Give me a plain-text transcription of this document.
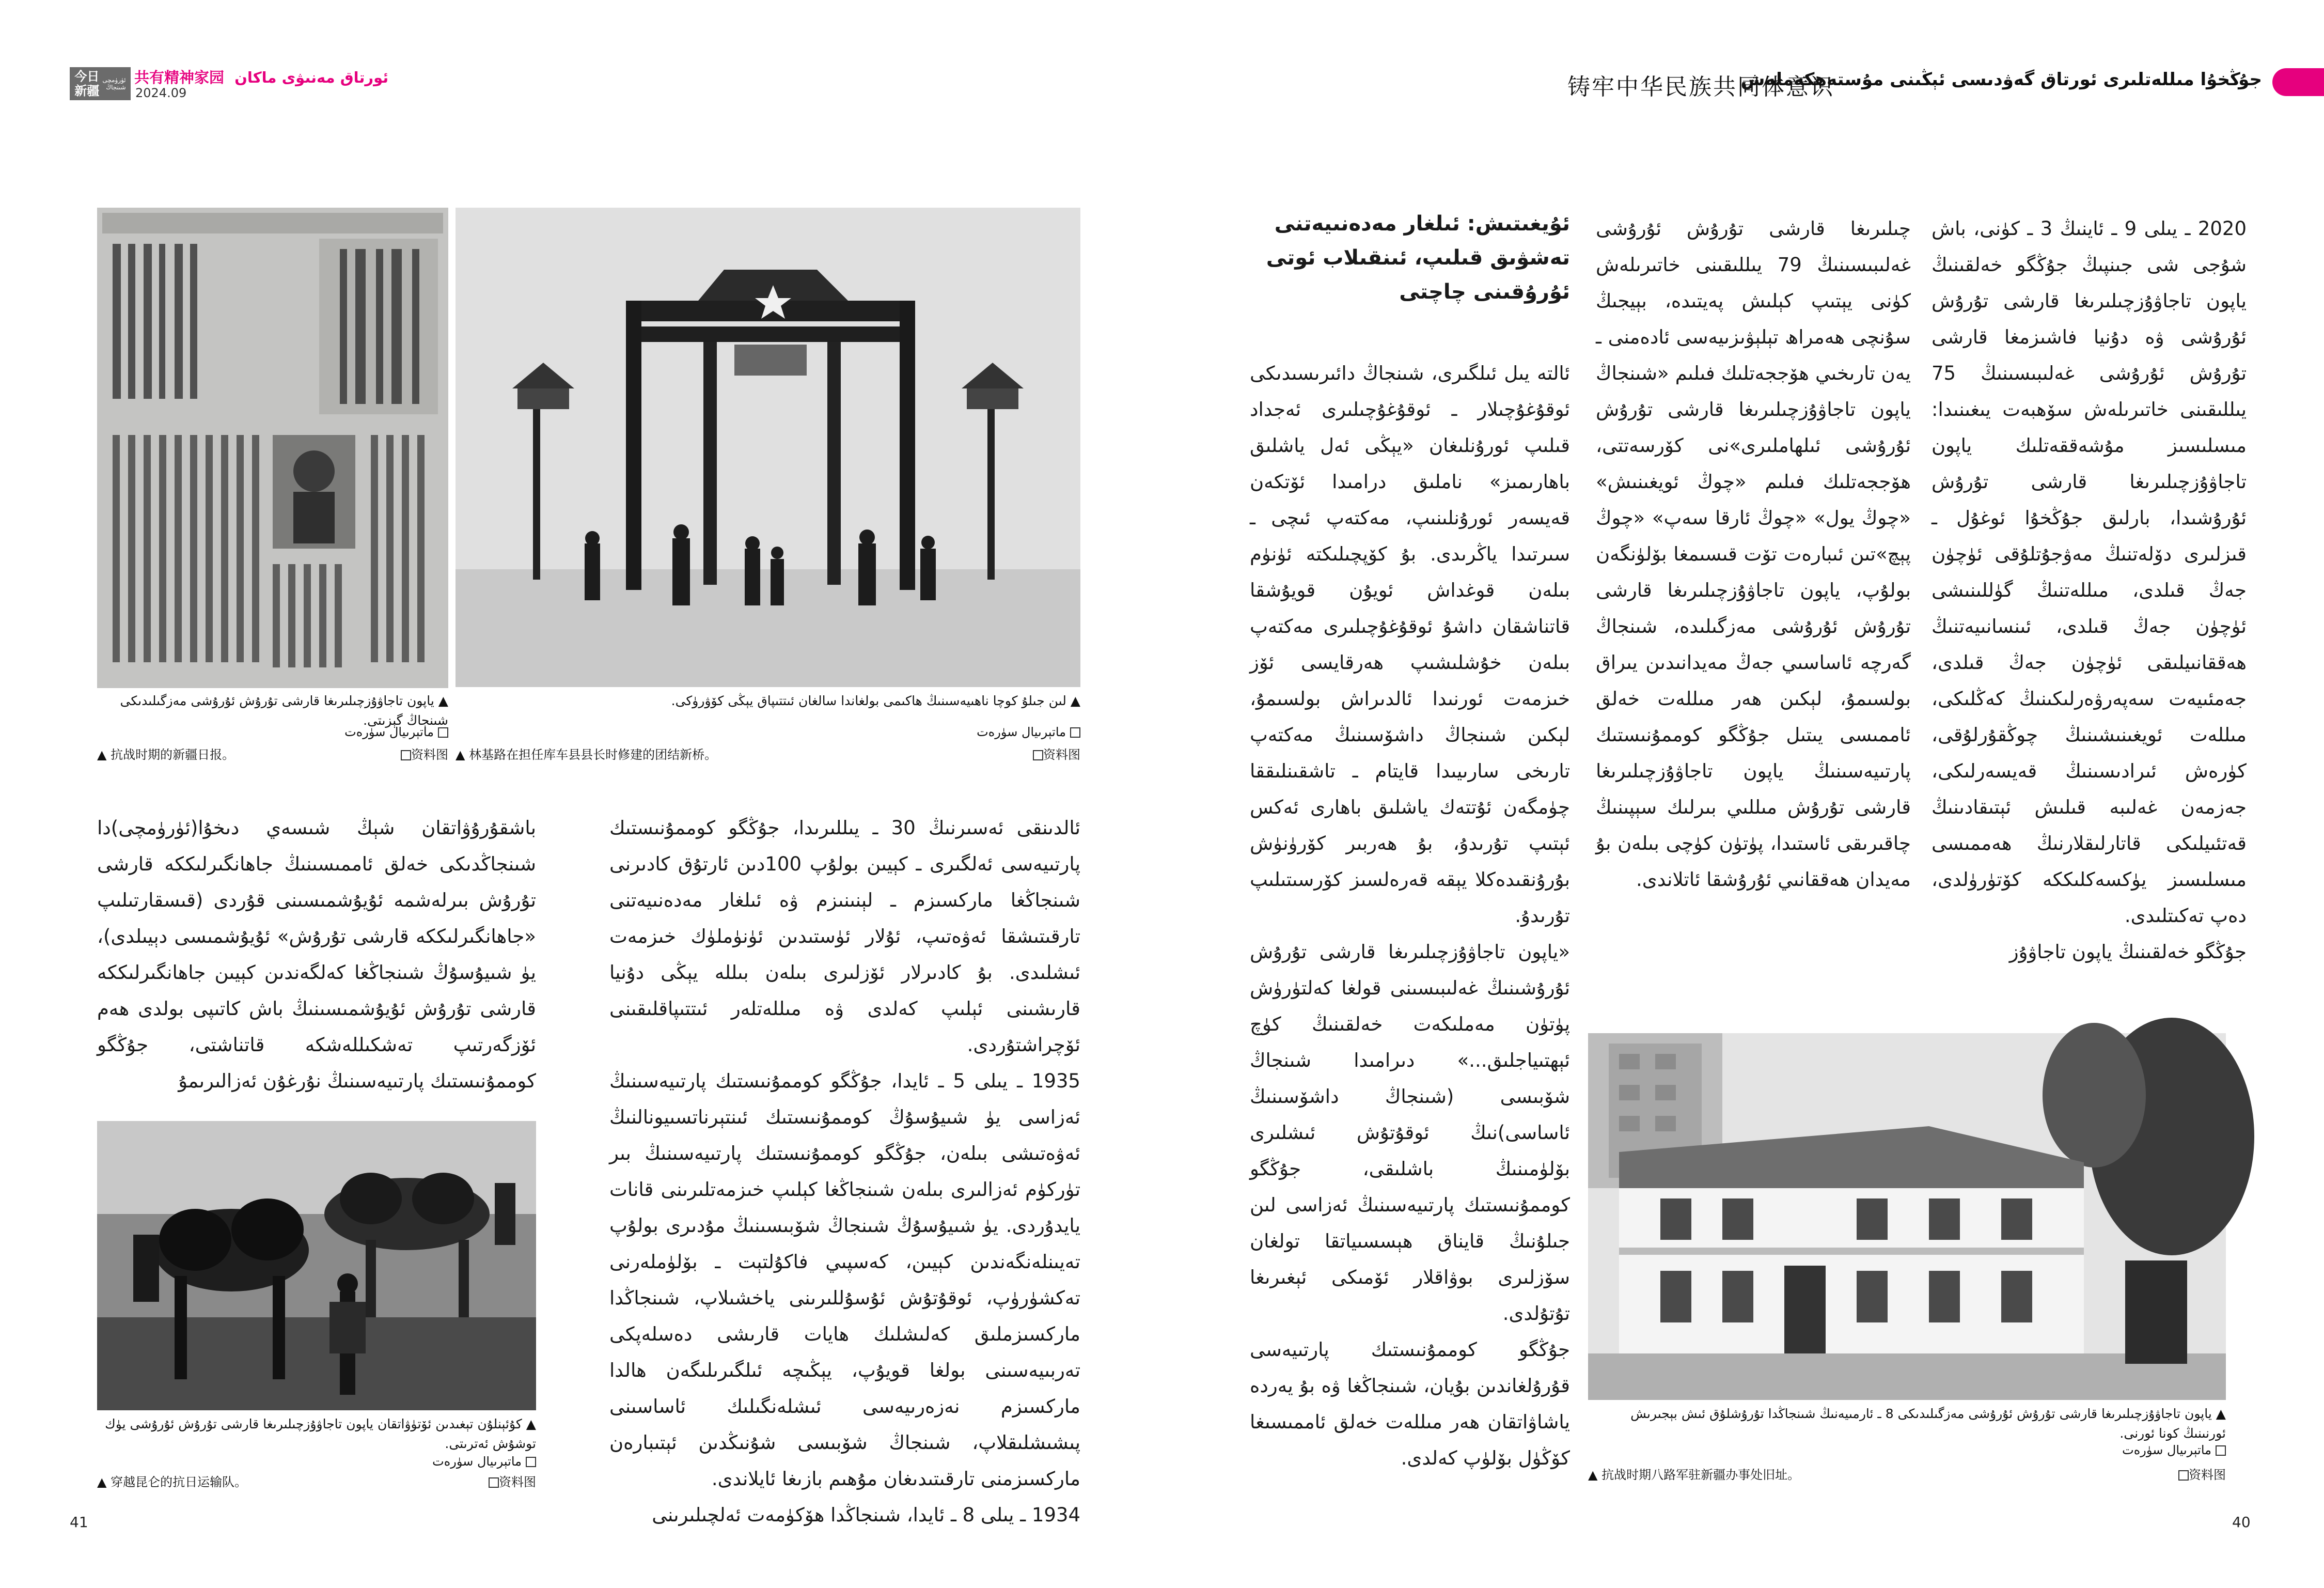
今日
新疆
ئۈرۈمچى
شىنجاڭ
共有精神家园 ئورتاق مەنىۋى ماكان
2024.09	铸牢中华民族共同体意识
جۇڭخۇا مىللەتلىرى ئورتاق گەۋدىسى ئېڭىنى مۇستەھكەملەش
▲ لىن جىلۇ كوچا ناھىيەسىنىڭ ھاكىمى بولغاندا سالغان ئىتتىپاق يېڭى كۆۋرۈكى.
▲ ياپون تاجاۋۇزچىلىرىغا قارشى تۇرۇش ئۇرۇشى مەزگىلىدىكى شىنجاڭ گېزىتى.
ماتېرىيال سۈرەت
ماتېرىيال سۈرەت
▲ 抗战时期的新疆日报。	资料图 ▲ 林基路在担任库车县县长时修建的团结新桥。	资料图
باشقۇرۇۋاتقان شېڭ شىسەي دىخۇا(ئۈرۈمچى)دا شىنجاڭدىكى خەلق ئاممىسىنىڭ جاھانگىرلىككە قارشى تۇرۇش بىرلەشمە ئۇيۇشمىسىنى قۇردى (قىسقارتىلىپ «جاھانگىرلىككە قارشى تۇرۇش» ئۇيۇشمىسى دېيىلدى)، يۈ شىيۇسۇڭ شىنجاڭغا كەلگەندىن كېيىن جاھانگىرلىككە قارشى تۇرۇش ئۇيۇشمىسىنىڭ باش كاتىپى بولدى ھەم ئۆزگەرتىپ تەشكىللەشكە قاتناشتى، جۇڭگو كوممۇنىستىك پارتىيەسىنىڭ نۇرغۇن ئەزالىرىمۇ
ئالدىنقى ئەسىرنىڭ 30 ـ يىللىرىدا، جۇڭگو كوممۇنىستىك پارتىيەسى ئەلگىرى ـ كېيىن بولۇپ 100دىن ئارتۇق كادىرنى شىنجاڭغا ماركسىزم ـ لېنىنىزم ۋە ئىلغار مەدەنىيەتنى تارقىتىشقا ئەۋەتىپ، ئۇلار ئۈستىدىن ئۈنۈملۈك خىزمەت ئىشلىدى. بۇ كادىرلار ئۆزلىرى بىلەن بىللە يېڭى دۇنيا قارىشىنى ئېلىپ كەلدى ۋە مىللەتلەر ئىتتىپاقلىقىنى ئۆچراشتۇردى.
1935 ـ يىلى 5 ـ ئايدا، جۇڭگو كوممۇنىستىك پارتىيەسىنىڭ ئەزاسى يۈ شىيۇسۇڭ كوممۇنىستىك ئىنتېرناتسىيونالنىڭ ئەۋەتىشى بىلەن، جۇڭگو كوممۇنىستىك پارتىيەسىنىڭ بىر تۈركۈم ئەزالىرى بىلەن شىنجاڭغا كېلىپ خىزمەتلىرىنى قانات يايدۇردى. يۈ شىيۇسۇڭ شىنجاڭ شۆبىسىنىڭ مۇدىرى بولۇپ تەيىنلەنگەندىن كېيىن، كەسپىي فاكۇلتېت ـ بۆلۈملەرنى تەكشۈرۈپ، ئوقۇتۇش ئۇسۇللىرىنى ياخشىلاپ، شىنجاڭدا ماركسىزملىق كەلىشلىك ھايات قارىشى دەسلەپكى تەربىيەسىنى بولغا قويۇپ، يېڭىچە ئىلگىرىلىگەن ھالدا ماركسىزم نەزەرىيەسى ئىشلەنگىلىك ئاساسىنى پىشىشلىقلاپ، شىنجاڭ شۆبىسى شۇنىڭدىن ئېتىبارەن ماركسىزمنى تارقىتىدىغان مۇھىم بازىغا ئايلاندى.
1934 ـ يىلى 8 ـ ئايدا، شىنجاڭدا ھۆكۈمەت ئەلچىلىرىنى
▲ كۇئېنلۇن تېغىدىن ئۆتۈۋاتقان ياپون تاجاۋۇزچىلىرىغا قارشى تۇرۇش ئۇرۇشى يۈك توشۇش ئەترىتى.
ماتېرىيال سۈرەت
▲ 穿越昆仑的抗日运输队。	资料图
41
ئۇيغىتىش: ئىلغار مەدەنىيەتنى تەشۋىق قىلىپ، ئىنقىلاب ئوتى ئۇرۇقىنى چاچتى
ئالتە يىل ئىلگىرى، شىنجاڭ دائىرىسىدىكى ئوقۇغۇچىلار ـ ئوقۇغۇچىلىرى ئەجداد قىلىپ ئورۇنلىغان «يېڭى ئەل ياشلىق باھارىمىز» ناملىق درامىدا ئۆتكەن قەيسەر ئورۇنلىنىپ، مەكتەپ ئىچى ـ سىرتىدا ياڭرىدى. بۇ كۆپچىلىكتە ئۈنۈم بىلەن قوغداش ئويۇن قويۇشقا قاتناشقان داشۇ ئوقۇغۇچىلىرى مەكتەپ بىلەن خۇشلىشىپ ھەرقايسى ئۆز خىزمەت ئورنىدا ئالدىراش بولسىمۇ، لېكىن شىنجاڭ داشۆسىنىڭ مەكتەپ تارىخى سارىيىدا قايتام ـ تاشقىنلىققا چۈمگەن ئۇتتەك ياشلىق باھارى ئەكس ئېتىپ تۇرىدۇ، بۇ ھەربىر كۆرۈنۈش بۇرۇنقىدەكلا يېقە قەرەلسىز كۆرسىتىلىپ تۇرىدۇ.
«ياپون تاجاۋۇزچىلىرىغا قارشى تۇرۇش ئۇرۇشىنىڭ غەلىبىسىنى قولغا كەلتۈرۈش پۈتۈن مەملىكەت خەلقىنىڭ كۈچ ئېھتىياجلىق...» دىرامىدا شىنجاڭ شۆبىسى (شىنجاڭ داشۆسىنىڭ ئاساسى)نىڭ ئوقۇتۇش ئىشلىرى بۆلۈمىنىڭ باشلىقى، جۇڭگو كوممۇنىستىك پارتىيەسىنىڭ ئەزاسى لىن جىلۇنىڭ قايناق ھېسسىياتقا تولغان سۆزلىرى بوۋاقلار ئۆمىكى ئېغىرىغا تۇتۇلدى.
جۇڭگو كوممۇنىستىك پارتىيەسى قۇرۇلغاندىن بۇيان، شىنجاڭغا ۋە بۇ يەردە ياشاۋاتقان ھەر مىللەت خەلق ئاممىسىغا كۆڭۈل بۆلۈپ كەلدى.
چىلىرىغا قارشى تۇرۇش ئۇرۇشى غەلىبىسىنىڭ 79 يىللىقىنى خاتىرىلەش كۈنى يېتىپ كېلىش پەيتىدە، بېيجىڭ سۇنچى ھەمراھ تېلېۋىزىيەسى ئادەمنى ـ يەن تارىخىي ھۆججەتلىك فىلىم «شىنجاڭ ياپون تاجاۋۇزچىلىرىغا قارشى تۇرۇش ئۇرۇشى ئىلھاملىرى»نى كۆرسەتتى، ھۆججەتلىك فىلىم «چوڭ ئويغىنىش» «چوڭ يول» «چوڭ ئارقا سەپ» «چوڭ پېچ»تىن ئىبارەت تۆت قىسىمغا بۆلۈنگەن بولۇپ، ياپون تاجاۋۇزچىلىرىغا قارشى تۇرۇش ئۇرۇشى مەزگىلىدە، شىنجاڭ گەرچە ئاساسىي جەڭ مەيدانىدىن يىراق بولسىمۇ، لېكىن ھەر مىللەت خەلق ئاممىسى يىتىل جۇڭگو كوممۇنىستىك پارتىيەسىنىڭ ياپون تاجاۋۇزچىلىرىغا قارشى تۇرۇش مىللىي بىرلىك سېپىنىڭ چاقىرىقى ئاستىدا، پۈتۈن كۈچى بىلەن بۇ مەيدان ھەققانىي ئۇرۇشقا ئاتلاندى.
2020 ـ يىلى 9 ـ ئاينىڭ 3 ـ كۈنى، باش شۇجى شى جىنپىڭ جۇڭگو خەلقىنىڭ ياپون تاجاۋۇزچىلىرىغا قارشى تۇرۇش ئۇرۇشى ۋە دۇنيا فاشىزمغا قارشى تۇرۇش ئۇرۇشى غەلىبىسىنىڭ 75 يىللىقىنى خاتىرىلەش سۆھبەت يىغىنىدا: مىسلىسىز مۇشەققەتلىك ياپون تاجاۋۇزچىلىرىغا قارشى تۇرۇش ئۇرۇشىدا، بارلىق جۇڭخۇا ئوغۇل ـ قىزلىرى دۆلەتنىڭ مەۋجۇتلۇقى ئۈچۈن جەڭ قىلدى، مىللەتنىڭ گۈللىنىشى ئۈچۈن جەڭ قىلدى، ئىنسانىيەتنىڭ ھەققانىيلىقى ئۈچۈن جەڭ قىلدى، جەمئىيەت سەپەرۋەرلىكىنىڭ كەڭلىكى، مىللەت ئويغىنىشىنىڭ چوڭقۇرلۇقى، كۈرەش ئىرادىسىنىڭ قەيسەرلىكى، جەزمەن غەلىبە قىلىش ئېتىقادىنىڭ قەتئىيلىكى قاتارلىقلارنىڭ ھەممىسى مىسلىسىز يۈكسەكلىككە كۆتۈرۈلدى، دەپ تەكىتلىدى.
جۇڭگو خەلقىنىڭ ياپون تاجاۋۇز
▲ ياپون تاجاۋۇزچىلىرىغا قارشى تۇرۇش ئۇرۇشى مەزگىلىدىكى 8 ـ ئارمىيەنىڭ شىنجاڭدا تۇرۇشلۇق ئىش بېجىرىش ئورنىنىڭ كونا ئورنى.
ماتېرىيال سۈرەت
▲ 抗战时期八路军驻新疆办事处旧址。	资料图
40
